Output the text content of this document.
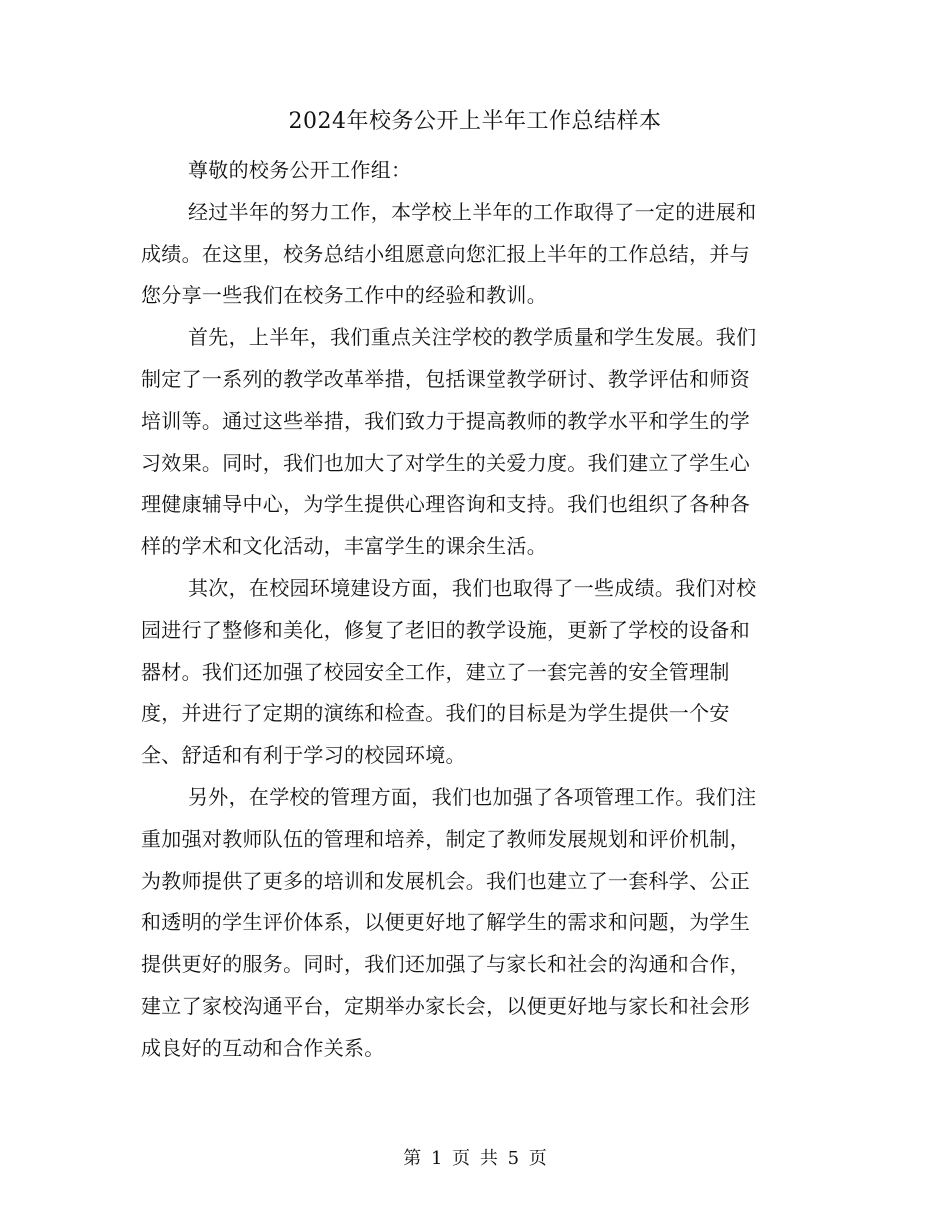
2024年校务公开上半年工作总结样本
尊敬的校务公开工作组：
经过半年的努力工作，本学校上半年的工作取得了一定的进展和
成绩。在这里，校务总结小组愿意向您汇报上半年的工作总结，并与
您分享一些我们在校务工作中的经验和教训。
首先，上半年，我们重点关注学校的教学质量和学生发展。我们
制定了一系列的教学改革举措，包括课堂教学研讨、教学评估和师资
培训等。通过这些举措，我们致力于提高教师的教学水平和学生的学
习效果。同时，我们也加大了对学生的关爱力度。我们建立了学生心
理健康辅导中心，为学生提供心理咨询和支持。我们也组织了各种各
样的学术和文化活动，丰富学生的课余生活。
其次，在校园环境建设方面，我们也取得了一些成绩。我们对校
园进行了整修和美化，修复了老旧的教学设施，更新了学校的设备和
器材。我们还加强了校园安全工作，建立了一套完善的安全管理制
度，并进行了定期的演练和检查。我们的目标是为学生提供一个安
全、舒适和有利于学习的校园环境。
另外，在学校的管理方面，我们也加强了各项管理工作。我们注
重加强对教师队伍的管理和培养，制定了教师发展规划和评价机制，
为教师提供了更多的培训和发展机会。我们也建立了一套科学、公正
和透明的学生评价体系，以便更好地了解学生的需求和问题，为学生
提供更好的服务。同时，我们还加强了与家长和社会的沟通和合作，
建立了家校沟通平台，定期举办家长会，以便更好地与家长和社会形
成良好的互动和合作关系。
第 1 页 共 5 页
